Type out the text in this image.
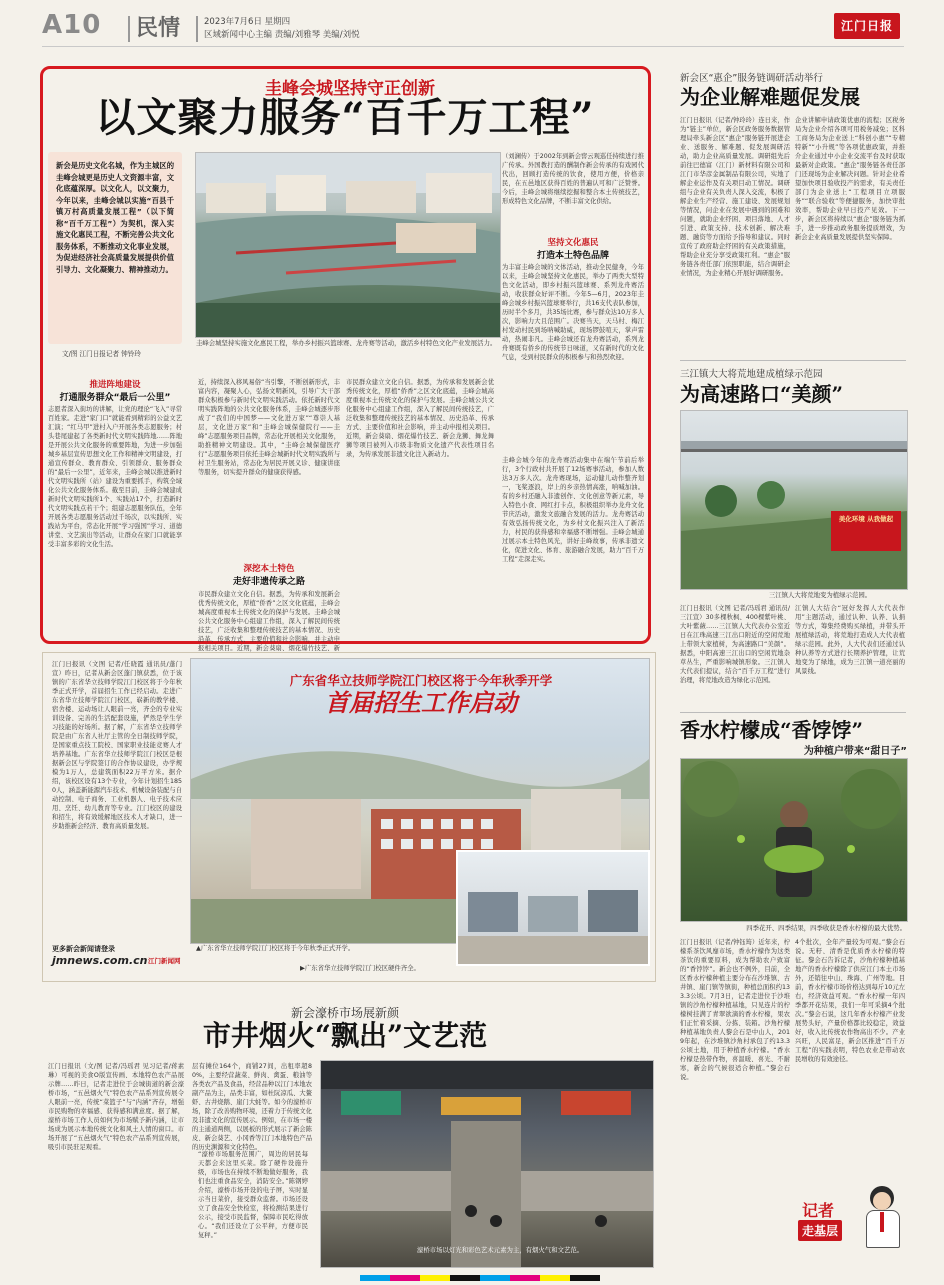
A10 民情	2023年7月6日 星期四
区域新闻中心主编 责编/刘雅琴 美编/刘悦
江门日报
圭峰会城坚持守正创新
以文聚力服务“百千万工程”
新会是历史文化名城，作为主城区的圭峰会城更是历史人文资源丰富，文化底蕴深厚。以文化人，以文聚力，今年以来，圭峰会城以实施“百县千镇万村高质量发展工程”（以下简称“百千万工程”）为契机，深入实施文化惠民工程，不断完善公共文化服务体系，不断推动文化事业发展，为促进经济社会高质量发展提供价值引导力、文化凝聚力、精神推动力。
文/图 江门日报记者 钟铃玲
圭峰会城坚持实施文化惠民工程，举办乡村振兴篮球赛、龙舟赛等活动，激活乡村特色文化产业发展活力。
推进阵地建设
打通服务群众“最后一公里”
志愿者深入街坊的讲解，让党的理论“飞入”寻常百姓家。走进“家门口”就能看到精彩的公益文艺汇演；“红马甲”进村入户开展各类志愿服务；村头巷尾建起了各类新时代文明实践阵地……阵地是开展公共文化服务的重要阵地，为进一步加强城乡基层宣传思想文化工作和精神文明建设，打通宣传群众、教育群众、引领群众、服务群众的“最后一公里”，近年来，圭峰会城以推进新时代文明实践所（站）建设为重要抓手，构筑全域化公共文化服务体系。截至目前，圭峰会城建成新时代文明实践所1个、实践站17个，打造新时代文明实践点若干个；组建志愿服务队伍，全年开展各类志愿服务活动过千场次，以实践所、实践站为平台，常态化开展“学习强国”学习、道德讲堂、文艺演出等活动，让群众在家门口就能享受丰富多彩的文化生活。
近，持续深入移风易俗“当引擎，不断创新形式，丰富内容，凝聚人心，弘扬文明新风，引导广大干部群众积极参与新时代文明实践活动。依托新时代文明实践阵地的公共文化服务体系，圭峰会城逐步形成了“我们的中国梦——文化进万家”“尊崇人基层，文化进万家”和“圭峰会城保健院行——圭峰”志愿服务项目品牌，常态化开展相关文化服务，助推精神文明建设。其中，“圭峰会城保健医疗行”志愿服务项目依托圭峰会城新时代文明实践所与村卫生服务站，常态化为居民开展义诊、健康讲座等服务，切实提升群众的健康获得感。
深挖本土特色
走好非遗传承之路
市民群众建立文化自信。据悉，为传承和发展新会优秀传统文化，厚植“侨香”之区文化底蕴，圭峰会城高度重视本土传统文化的保护与发展。圭峰会城公共文化服务中心组建工作组，深入了解民间传统技艺，广泛收集和整理传统技艺的基本情况、历史沿革、传承方式、主要价值和社会影响，并主动申报相关项目。近期，新会葵扇、烟花爆竹技艺、新
市民群众建立文化自信。据悉，为传承和发展新会优秀传统文化，厚植“侨香”之区文化底蕴，圭峰会城高度重视本土传统文化的保护与发展。圭峰会城公共文化服务中心组建工作组，深入了解民间传统技艺，广泛收集和整理传统技艺的基本情况、历史沿革、传承方式、主要价值和社会影响，并主动申报相关项目。近期，新会葵扇、烟花爆竹技艺、新会龙狮、舞龙舞狮等项目被列入市级非物质文化遗产代表性项目名录，为传承发展非遗文化注入新动力。
（刘澜传）于2002年到新会窖云观巡任持续进行推广传承。外国教打造的酬制作新会传承的有戏园代代出，回顾打造传统的饮食，使用方便，价格亲民，在五邑地区获得百姓的普遍认可和广泛赞誉。今后，圭峰会城将继续挖掘和整合本土传统技艺，形成特色文化品牌，不断丰富文化供给。
坚持文化惠民
打造本土特色品牌
为丰富圭峰会城的文体活动，推动全民健身，今年以来，圭峰会城坚持文化惠民，举办了两类大型特色文化活动，即乡村振兴篮球赛、系列龙舟赛活动，收获群众好评不断。今年5—6月，2023年圭峰会城乡村振兴篮球赛举行，共16支代表队参加，历时半个多月，共35场比赛，参与群众达10万多人次，影响力大且范围广。决赛当天，天马村、梅江村发动村民到场呐喊助威，现场锣鼓喧天，掌声雷动，热闹非凡。圭峰会城还有龙舟赛活动，系列龙舟赛既有侨乡的传统节日味道，又有新时代的文化气息，受到村民群众的积极参与和热烈欢迎。
圭峰会城今年的龙舟赛活动集中在端午节前后举行，3个行政村共开展了12场赛事活动，参加人数达3万多人次。龙舟赛现场，运动健儿动作整齐划一，飞桨逐浪，岸上的乡亲热情高涨，呐喊加油。有的乡村还融入非遗创作、文化创意等新元素，导入特色小食、网红打卡点，积极组织举办龙舟文化节庆活动，激发文旅融合发展的活力。龙舟赛活动有效弘扬传统文化，为乡村文化振兴注入了新活力，村民的获得感和幸福感不断增强。圭峰会城通过展示本土特色风光，讲好圭峰故事，传承非遗文化，促进文化、体育、旅游融合发展，助力“百千万工程”走深走实。
新会区“惠企”服务链调研活动举行
为企业解难题促发展
江门日报讯（记者/钟玲玲）连日来，作为“链主”单位，新会区政务服务数据管理局牵头新会区“惠企”服务链开展进企业、送服务、解难题、促发展调研活动，助力企业高质量发展。调研组先后前往巴德富（江门）新材料有限公司和江门市华彦金属制品有限公司，实地了解企业运作及有关项目动工情况。调研组与企业有关负责人深入交流，积极了解企业生产经营、施工建设、发展规划等情况，问企业在发展中遇到的困难和问题，就助企业纾困、项目落地、人才引进、政策支持、技术创新、解决难题、融资等方面给予指导和建议。同时宣传了政府助企纾困的有关政策措施，帮助企业充分享受政策红利。“惠企”服务链各责任部门依照职能，结合调研企业情况，为企业精心开展好调研服务。
企业讲解申请政策优惠的流程；区税务局为企业介绍各项可用税务减免；区科工商务局为企业送上“科创小惠”“专精特新”“小升规”等各项优惠政策，并推介企业通过中小企业交流平台及时获取最新对企政策。“惠企”服务链各责任部门还现场为企业解决问题。针对企业希望加快项目验收投产的需求，有关责任部门为企业送上“工程项目立项服务”“联合验收”等便捷服务，加快审批效率，帮助企业早日投产见效。下一步，新会区将持续以“惠企”服务链为抓手，进一步推动政务服务提质增效，为新会企业高质量发展提供坚实保障。
三江镇大大将荒地建成植绿示范园
为高速路口“美颜”
美化环境 从我做起
三江镇人大将荒地变为植绿示范园。
江门日报讯（文图 记者/冯瑶君 通讯员/三江宣）30多棵秋枫、400棵紫叶桃、大叶紫薇……三江镇人大代表办公室近日在江珠高速三江出口附近的空闲荒地上带领大家植树，为高速路口“美颜”。据悉，中阳高速三江出口的空闲荒地杂草丛生，严重影响城镇形象。三江镇人大代表们提议，结合“百千万工程”进行治理，将荒地改造为绿化示范园。
江镇人大结合“冠好发挥人大代表作用”主题活动，通过认种、认养、认捐等方式，筹集经费购买绿植，并带头开展植绿活动，将荒地打造成人大代表植绿示范园。此外，人大代表们还通过认种认养等方式进行长期养护管理，让荒地变为了绿地，成为三江镇一道亮丽的风景线。
香水柠檬成“香饽饽”
为种植户带来“甜日子”
四季花开、四季结果，四季收获是香水柠檬的最大优势。
江门日报讯（记者/钟钰筠）近年来，柠檬系茶饮风靡市场，香水柠檬作为这类茶饮的重要原料，成为帮助农户致富的“香饽饽”。新会也不例外，目前，全区香水柠檬种植主要分布在沙堆镇、古井镇、崖门镇等镇街，种植总面积约133.3公顷。7月3日，记者走进位于沙堆镇的沙角柠檬种植基地，只见连片的柠檬树挂满了青翠欲滴的香水柠檬，果农们正忙着采摘、分拣、装箱。沙角柠檬种植基地负责人黎会石是中山人，2019年起，在沙堆镇沙角村承包了约13.3公顷土地，用于种植香水柠檬。“香水柠檬是热带作物，喜温暖、喜光、不耐寒，新会的气候很适合种植。”黎会石说。
4个批次，全年产量较为可观。”黎会石说。无籽、清香是优质香水柠檬的特征。黎会石告诉记者，沙角柠檬种植基地产的香水柠檬除了供应江门本土市场外，还销往中山、珠海、广州等地。目前，香水柠檬市场价格达到每斤10元左右，经济效益可观。“香水柠檬一年四季都开花结果，我们一年可采摘4个批次。”黎会石说，这几年香水柠檬产业发展势头好，产量价格都比较稳定，效益好，收入比传统农作物高出不少。产业兴旺，人民富足，新会区推进“百千万工程”的实践表明，特色农业是带动农民增收的有效途径。
记者
走基层
江门日报讯（文图 记者/任晓霞 通讯员/蓬门宣）昨日，记者从新会区蓬门镇获悉，位于该镇的广东省华立技师学院江门校区将于今年秋季正式开学，首届招生工作已经启动。走进广东省华立技师学院江门校区，崭新的教学楼、宿舍楼、运动场让人眼前一亮，齐全的专业实训设备、完善的生活配套设施，俨然是学生学习技能的好场所。据了解，广东省华立技师学院是由广东省人社厅主管的全日制技师学院，是国家重点技工院校、国家职业技能竞赛人才培养基地。广东省华立技师学院江门校区是根据新会区与学院签订的合作协议建设，办学规模为1万人，总建筑面积22万平方米。据介绍，该校区设有13个专业，今年计划招生1850人，涵盖新能源汽车技术、机械设备装配与自动控制、电子商务、工业机器人、电子技术应用、烹饪、幼儿教育等专业。江门校区的建设和招生，将有效缓解地区技术人才缺口，进一步助推新会经济、教育高质量发展。
更多新会新闻请登录
jmnews.com.cn 江门新闻网
广东省华立技师学院江门校区将于今年秋季开学
首届招生工作启动
▲广东省华立技师学院江门校区将于今年秋季正式开学。
▶广东省华立技师学院江门校区硬件齐全。
新会濠桥市场展新颜
市井烟火“飘出”文艺范
江门日报讯（文/图 记者/冯瑶君 见习记者/蒋素琳）可视的美食O版宣传画、本地特色农产品展示牌……昨日，记者走进位于会城街道的新会濠桥市场，“五邑烟火气”特色农产品系列宣传展令人眼前一亮，传统“菜篮子”与“内涵”齐存，增强市民购物的幸福感、获得感和满意度。据了解，濠桥市场工作人员如何为市场赋予新内涵，让市场成为展示本地传统文化和风土人情的窗口。市场开展了“五邑烟火气”特色农产品系列宣传展，吸引市民驻足观看。
层有摊位164个，商铺27间，出租率超80%，主要经营蔬菜、鲜肉、禽蛋、粮油等各类农产品及食品，经营品种以江门本地农副产品为主，品类丰富，如杜阮凉瓜、大鳌虾、古井烧鹅、崖门大蚝等。如今的濠桥市场，除了改善购物环境，还着力于传统文化及非遗文化的宣传展示。例如，在市场一楼的主通道两侧，以展板的形式展示了新会陈皮、新会葵艺、小冈香等江门本地特色产品的历史渊源和文化特色。
“濠桥市场服务范围广，周边的居民每天都会来这里买菜。除了硬件设施升级，市场也在持续不断地做好服务，我们也注重食品安全，消防安全。”陈钢婷介绍，濠桥市场开设的电子屏，实时显示当日菜价，接受群众监督。市场还设立了食品安全快检室，将检测结果进行公示，接受市民监督，保障市民吃得放心。“我们还设立了公平秤，方便市民复秤。”
濠桥市场以灯光和彩色艺术元素为主，有烟火气和文艺范。
